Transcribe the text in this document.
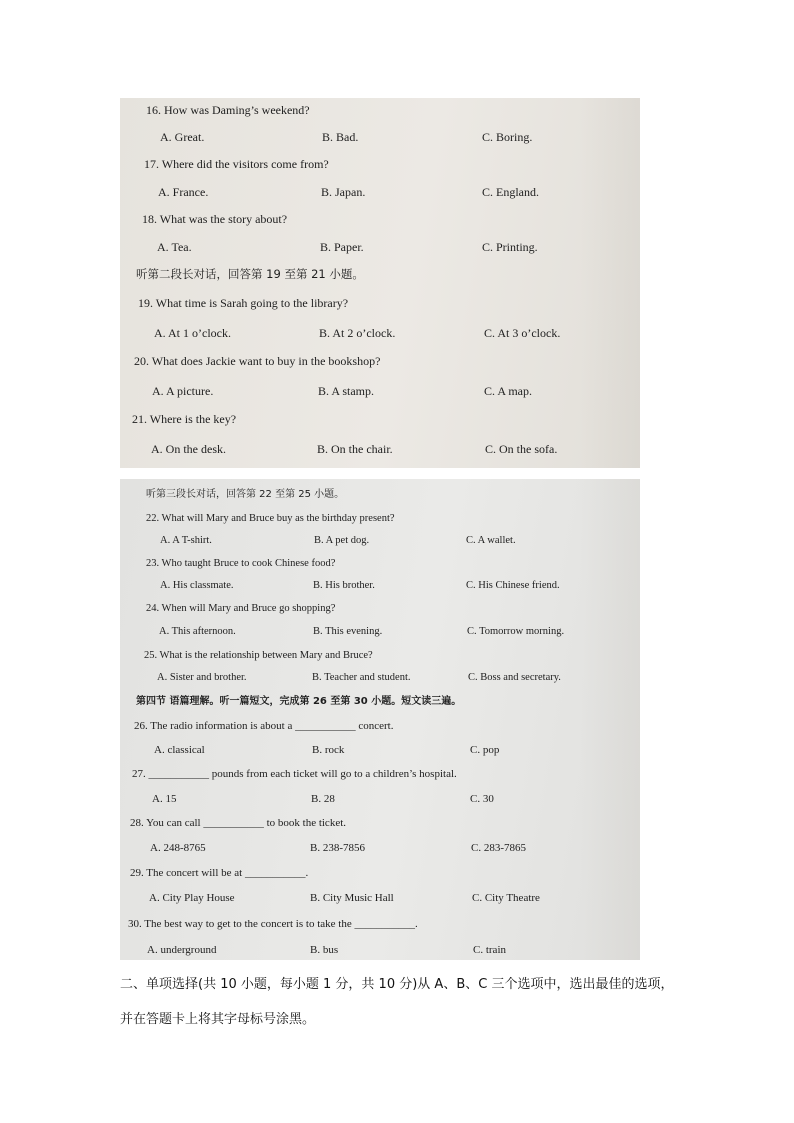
16. How was Daming’s weekend?
A. Great.	B. Bad.	C. Boring.
17. Where did the visitors come from?
A. France.	B. Japan.	C. England.
18. What was the story about?
A. Tea.	B. Paper.	C. Printing.
听第二段长对话，回答第 19 至第 21 小题。
19. What time is Sarah going to the library?
A. At 1 o’clock.	B. At 2 o’clock.	C. At 3 o’clock.
20. What does Jackie want to buy in the bookshop?
A. A picture.	B. A stamp.	C. A map.
21. Where is the key?
A. On the desk.	B. On the chair.	C. On the sofa.
听第三段长对话，回答第 22 至第 25 小题。
22. What will Mary and Bruce buy as the birthday present?
A. A T-shirt.	B. A pet dog.	C. A wallet.
23. Who taught Bruce to cook Chinese food?
A. His classmate.	B. His brother.	C. His Chinese friend.
24. When will Mary and Bruce go shopping?
A. This afternoon.	B. This evening.	C. Tomorrow morning.
25. What is the relationship between Mary and Bruce?
A. Sister and brother.	B. Teacher and student.	C. Boss and secretary.
第四节 语篇理解。听一篇短文，完成第 26 至第 30 小题。短文读三遍。
26. The radio information is about a ___________ concert.
A. classical	B. rock	C. pop
27. ___________ pounds from each ticket will go to a children’s hospital.
A. 15	B. 28	C. 30
28. You can call ___________ to book the ticket.
A. 248-8765	B. 238-7856	C. 283-7865
29. The concert will be at ___________.
A. City Play House	B. City Music Hall	C. City Theatre
30. The best way to get to the concert is to take the ___________.
A. underground	B. bus	C. train
二、单项选择(共 10 小题，每小题 1 分，共 10 分)从 A、B、C 三个选项中，选出最佳的选项，
并在答题卡上将其字母标号涂黑。
